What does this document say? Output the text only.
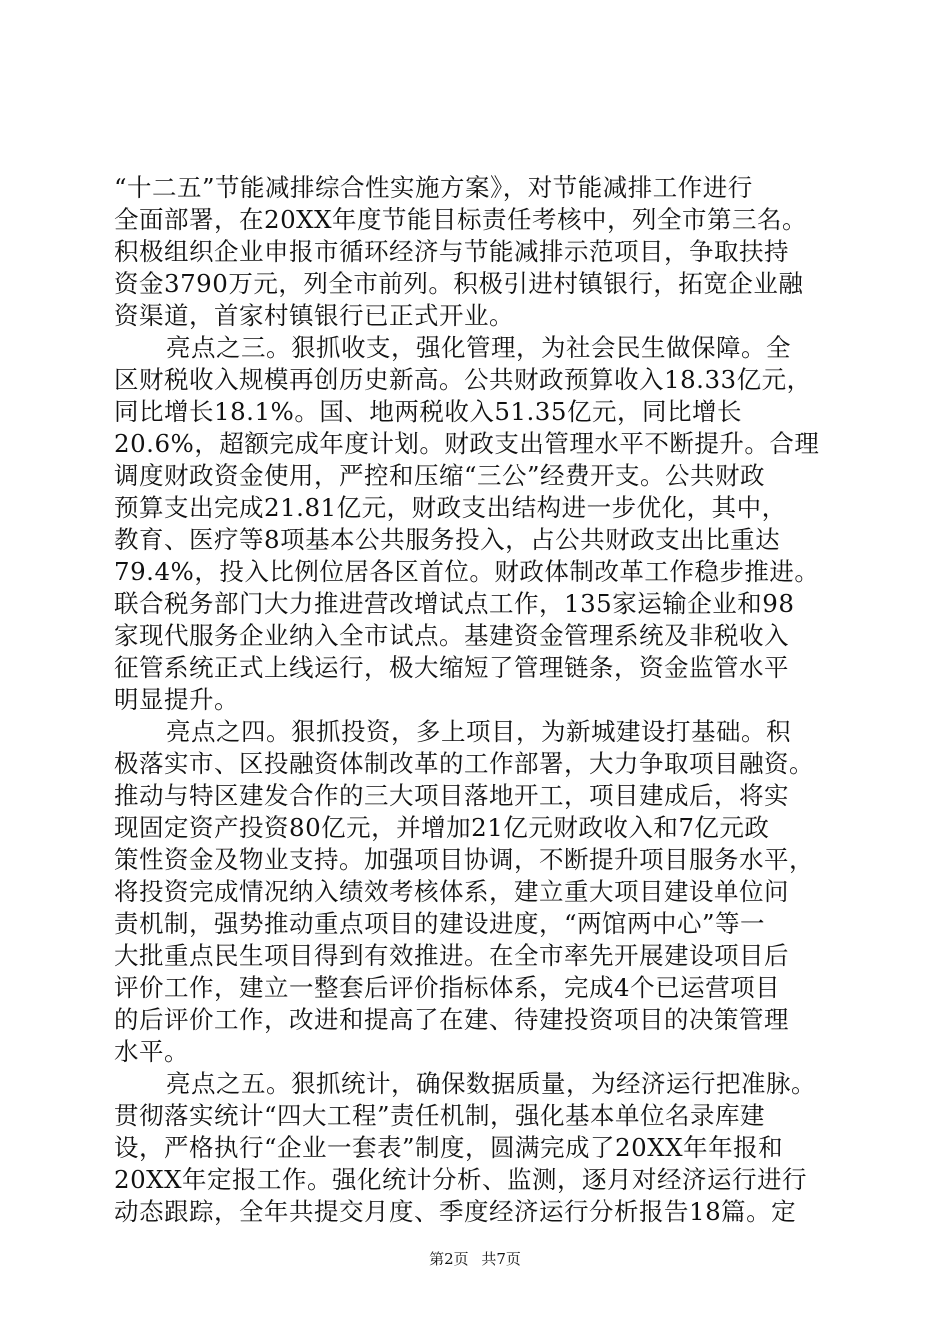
“十二五”节能减排综合性实施方案》，对节能减排工作进行
全面部署，在20XX年度节能目标责任考核中，列全市第三名。
积极组织企业申报市循环经济与节能减排示范项目，争取扶持
资金3790万元，列全市前列。积极引进村镇银行，拓宽企业融
资渠道，首家村镇银行已正式开业。
亮点之三。狠抓收支，强化管理，为社会民生做保障。全
区财税收入规模再创历史新高。公共财政预算收入18.33亿元，
同比增长18.1%。国、地两税收入51.35亿元，同比增长
20.6%，超额完成年度计划。财政支出管理水平不断提升。合理
调度财政资金使用，严控和压缩“三公”经费开支。公共财政
预算支出完成21.81亿元，财政支出结构进一步优化，其中，
教育、医疗等8项基本公共服务投入，占公共财政支出比重达
79.4%，投入比例位居各区首位。财政体制改革工作稳步推进。
联合税务部门大力推进营改增试点工作，135家运输企业和98
家现代服务企业纳入全市试点。基建资金管理系统及非税收入
征管系统正式上线运行，极大缩短了管理链条，资金监管水平
明显提升。
亮点之四。狠抓投资，多上项目，为新城建设打基础。积
极落实市、区投融资体制改革的工作部署，大力争取项目融资。
推动与特区建发合作的三大项目落地开工，项目建成后，将实
现固定资产投资80亿元，并增加21亿元财政收入和7亿元政
策性资金及物业支持。加强项目协调，不断提升项目服务水平，
将投资完成情况纳入绩效考核体系，建立重大项目建设单位问
责机制，强势推动重点项目的建设进度，“两馆两中心”等一
大批重点民生项目得到有效推进。在全市率先开展建设项目后
评价工作，建立一整套后评价指标体系，完成4个已运营项目
的后评价工作，改进和提高了在建、待建投资项目的决策管理
水平。
亮点之五。狠抓统计，确保数据质量，为经济运行把准脉。
贯彻落实统计“四大工程”责任机制，强化基本单位名录库建
设，严格执行“企业一套表”制度，圆满完成了20XX年年报和
20XX年定报工作。强化统计分析、监测，逐月对经济运行进行
动态跟踪，全年共提交月度、季度经济运行分析报告18篇。定
第2页 共7页
